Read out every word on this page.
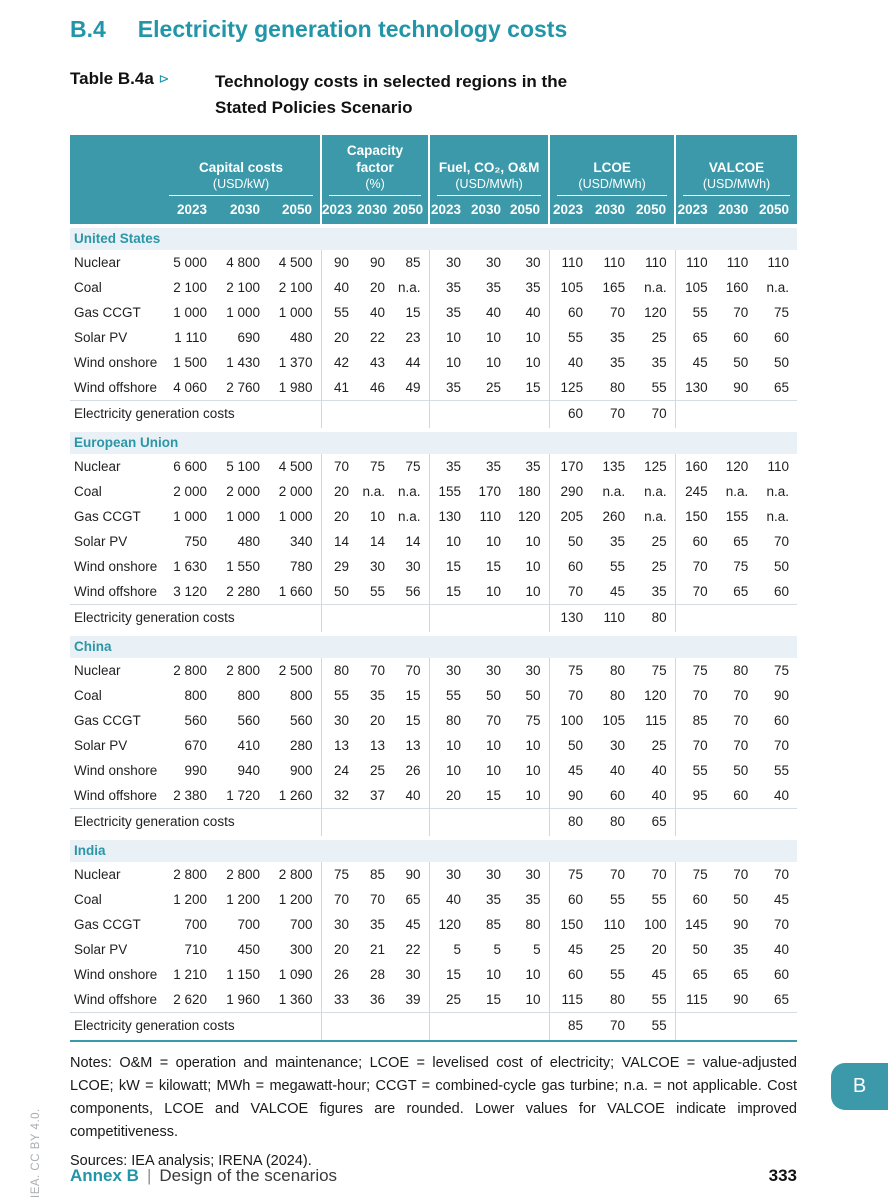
B.4 Electricity generation technology costs
Table B.4a ⊳	Technology costs in selected regions in the
Stated Policies Scenario

Capital costs
(USD/kW)

Capacity factor
(%)

Fuel, CO₂, O&M
(USD/MWh)

LCOE
(USD/MWh)

VALCOE
(USD/MWh)

	2023	2030	2050	2023	2030	2050	2023	2030	2050	2023	2030	2050	2023	2030	2050
United States															
Nuclear	5 000	4 800	4 500	90	90	85	30	30	30	110	110	110	110	110	110
Coal	2 100	2 100	2 100	40	20	n.a.	35	35	35	105	165	n.a.	105	160	n.a.
Gas CCGT	1 000	1 000	1 000	55	40	15	35	40	40	60	70	120	55	70	75
Solar PV	1 110	690	480	20	22	23	10	10	10	55	35	25	65	60	60
Wind onshore	1 500	1 430	1 370	42	43	44	10	10	10	40	35	35	45	50	50
Wind offshore	4 060	2 760	1 980	41	46	49	35	25	15	125	80	55	130	90	65
Electricity generation costs										60	70	70			
European Union															
Nuclear	6 600	5 100	4 500	70	75	75	35	35	35	170	135	125	160	120	110
Coal	2 000	2 000	2 000	20	n.a.	n.a.	155	170	180	290	n.a.	n.a.	245	n.a.	n.a.
Gas CCGT	1 000	1 000	1 000	20	10	n.a.	130	110	120	205	260	n.a.	150	155	n.a.
Solar PV	750	480	340	14	14	14	10	10	10	50	35	25	60	65	70
Wind onshore	1 630	1 550	780	29	30	30	15	15	10	60	55	25	70	75	50
Wind offshore	3 120	2 280	1 660	50	55	56	15	10	10	70	45	35	70	65	60
Electricity generation costs										130	110	80			
China															
Nuclear	2 800	2 800	2 500	80	70	70	30	30	30	75	80	75	75	80	75
Coal	800	800	800	55	35	15	55	50	50	70	80	120	70	70	90
Gas CCGT	560	560	560	30	20	15	80	70	75	100	105	115	85	70	60
Solar PV	670	410	280	13	13	13	10	10	10	50	30	25	70	70	70
Wind onshore	990	940	900	24	25	26	10	10	10	45	40	40	55	50	55
Wind offshore	2 380	1 720	1 260	32	37	40	20	15	10	90	60	40	95	60	40
Electricity generation costs										80	80	65			
India															
Nuclear	2 800	2 800	2 800	75	85	90	30	30	30	75	70	70	75	70	70
Coal	1 200	1 200	1 200	70	70	65	40	35	35	60	55	55	60	50	45
Gas CCGT	700	700	700	30	35	45	120	85	80	150	110	100	145	90	70
Solar PV	710	450	300	20	21	22	5	5	5	45	25	20	50	35	40
Wind onshore	1 210	1 150	1 090	26	28	30	15	10	10	60	55	45	65	65	60
Wind offshore	2 620	1 960	1 360	33	36	39	25	15	10	115	80	55	115	90	65
Electricity generation costs										85	70	55			

Notes: O&M = operation and maintenance; LCOE = levelised cost of electricity; VALCOE = value-adjusted LCOE; kW = kilowatt; MWh = megawatt-hour; CCGT = combined-cycle gas turbine; n.a. = not applicable. Cost components, LCOE and VALCOE figures are rounded. Lower values for VALCOE indicate improved competitiveness.

Sources: IEA analysis; IRENA (2024).

Annex B | Design of the scenarios	333
B
IEA. CC BY 4.0.
